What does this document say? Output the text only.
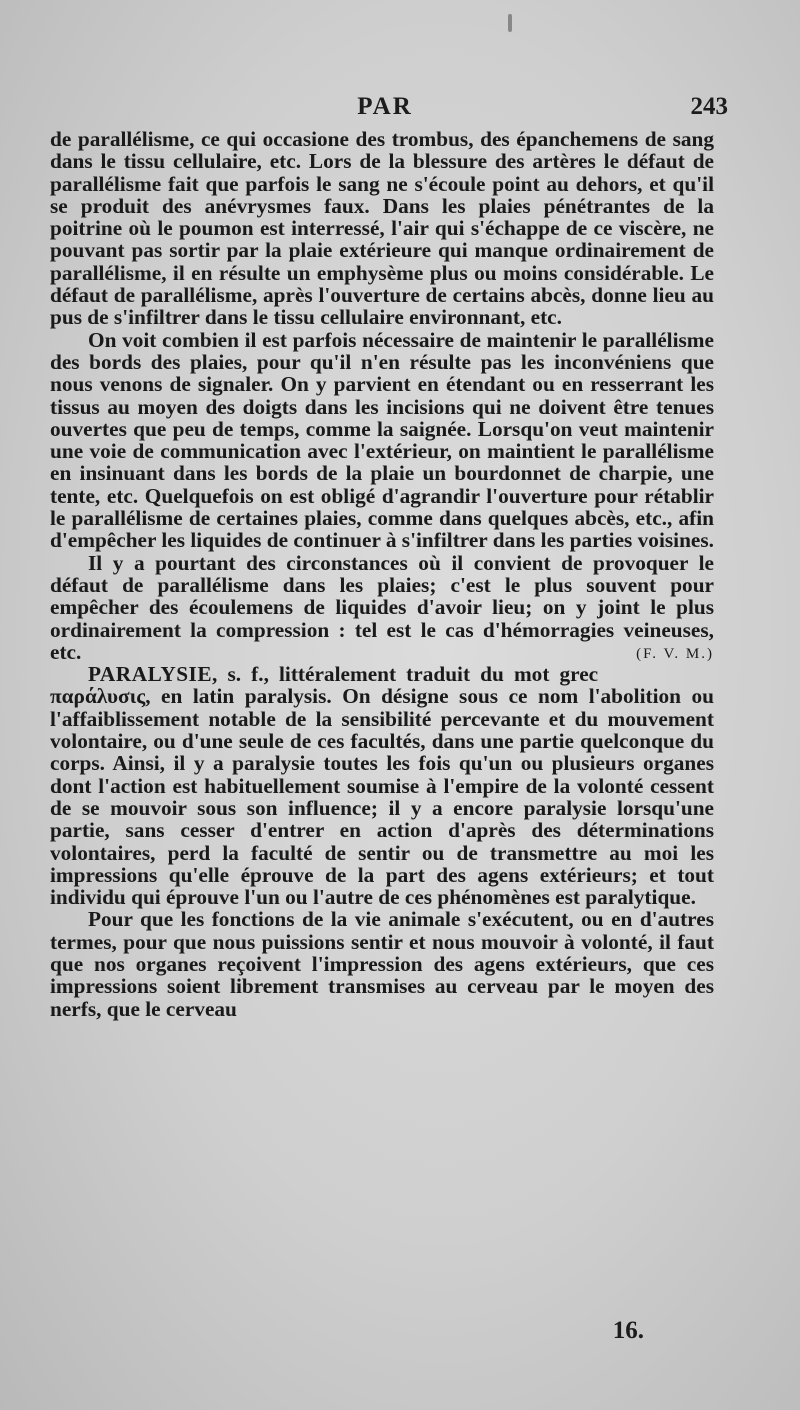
PAR	243

de parallélisme, ce qui occasione des trombus, des épanchemens de sang dans le tissu cellulaire, etc. Lors de la blessure des artères le défaut de parallélisme fait que parfois le sang ne s'écoule point au dehors, et qu'il se produit des anévrysmes faux. Dans les plaies pénétrantes de la poitrine où le poumon est interressé, l'air qui s'échappe de ce viscère, ne pouvant pas sortir par la plaie extérieure qui manque ordinairement de parallélisme, il en résulte un emphysème plus ou moins considérable. Le défaut de parallélisme, après l'ouverture de certains abcès, donne lieu au pus de s'infiltrer dans le tissu cellulaire environnant, etc.

On voit combien il est parfois nécessaire de maintenir le parallélisme des bords des plaies, pour qu'il n'en résulte pas les inconvéniens que nous venons de signaler. On y parvient en étendant ou en resserrant les tissus au moyen des doigts dans les incisions qui ne doivent être tenues ouvertes que peu de temps, comme la saignée. Lorsqu'on veut maintenir une voie de communication avec l'extérieur, on maintient le parallélisme en insinuant dans les bords de la plaie un bourdonnet de charpie, une tente, etc. Quelquefois on est obligé d'agrandir l'ouverture pour rétablir le parallélisme de certaines plaies, comme dans quelques abcès, etc., afin d'empêcher les liquides de continuer à s'infiltrer dans les parties voisines.

Il y a pourtant des circonstances où il convient de provoquer le défaut de parallélisme dans les plaies; c'est le plus souvent pour empêcher des écoulemens de liquides d'avoir lieu; on y joint le plus ordinairement la compression : tel est le cas d'hémorragies veineuses, etc.	(F. V. M.)

PARALYSIE, s. f., littéralement traduit du mot grec παράλυσις, en latin paralysis. On désigne sous ce nom l'abolition ou l'affaiblissement notable de la sensibilité percevante et du mouvement volontaire, ou d'une seule de ces facultés, dans une partie quelconque du corps. Ainsi, il y a paralysie toutes les fois qu'un ou plusieurs organes dont l'action est habituellement soumise à l'empire de la volonté cessent de se mouvoir sous son influence; il y a encore paralysie lorsqu'une partie, sans cesser d'entrer en action d'après des déterminations volontaires, perd la faculté de sentir ou de transmettre au moi les impressions qu'elle éprouve de la part des agens extérieurs; et tout individu qui éprouve l'un ou l'autre de ces phénomènes est paralytique.

Pour que les fonctions de la vie animale s'exécutent, ou en d'autres termes, pour que nous puissions sentir et nous mouvoir à volonté, il faut que nos organes reçoivent l'impression des agens extérieurs, que ces impressions soient librement transmises au cerveau par le moyen des nerfs, que le cerveau

16.
